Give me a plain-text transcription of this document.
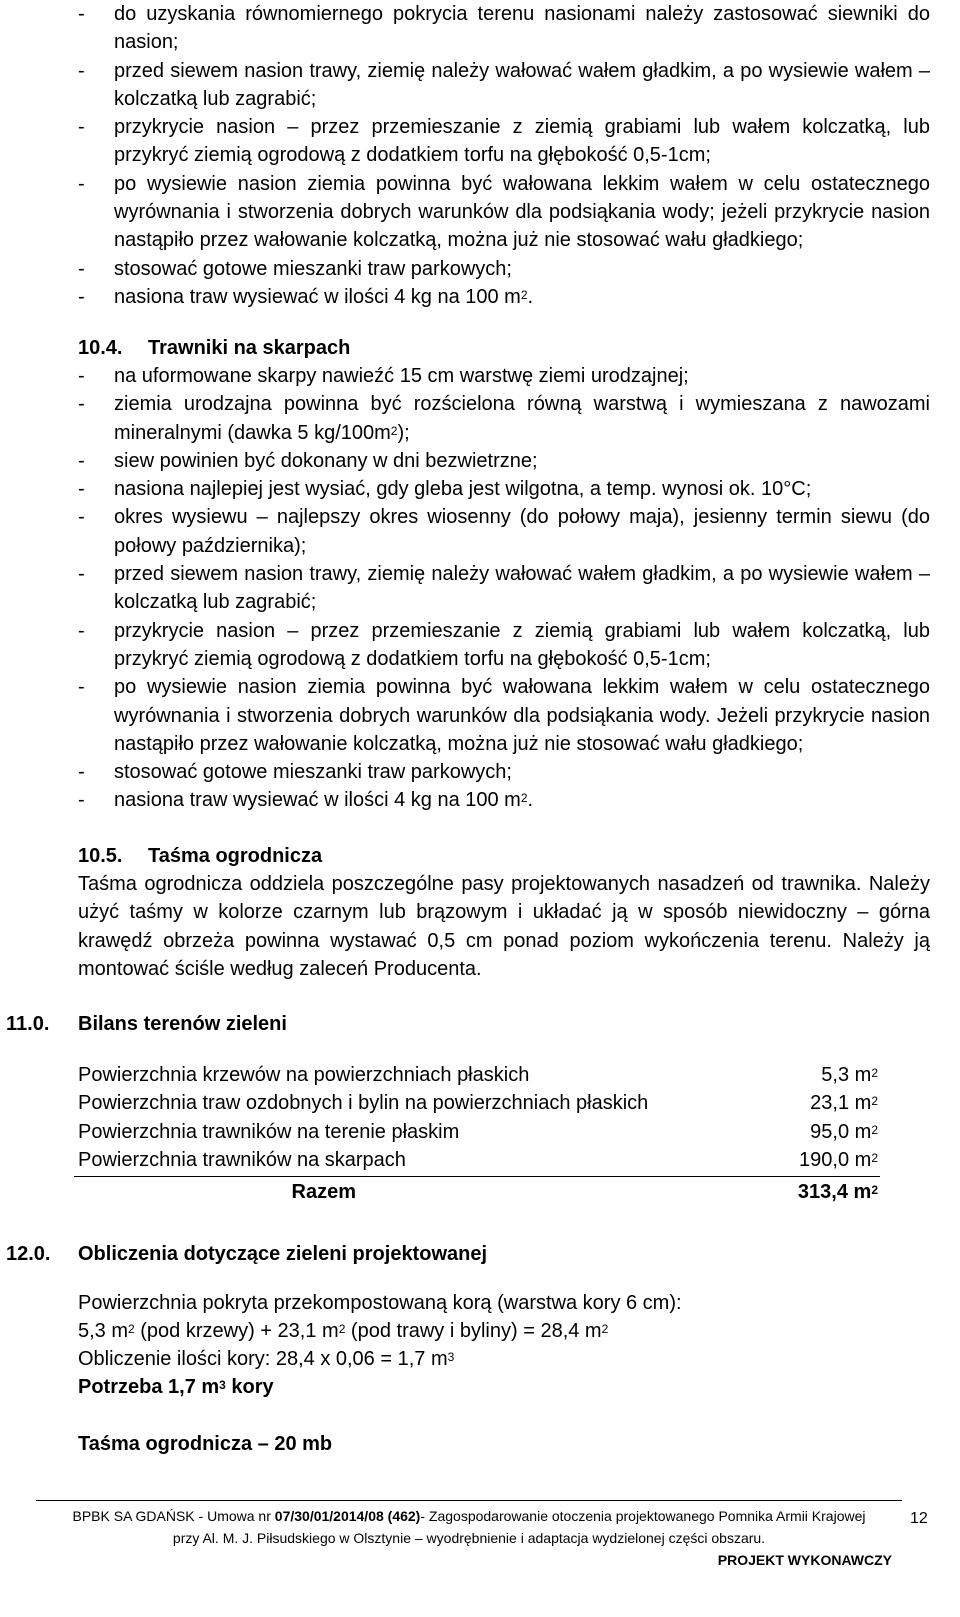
- do uzyskania równomiernego pokrycia terenu nasionami należy zastosować siewniki do nasion;
- przed siewem nasion trawy, ziemię należy wałować wałem gładkim, a po wysiewie wałem – kolczatką lub zagrabić;
- przykrycie nasion – przez przemieszanie z ziemią grabiami lub wałem kolczatką, lub przykryć ziemią ogrodową z dodatkiem torfu na głębokość 0,5-1cm;
- po wysiewie nasion ziemia powinna być wałowana lekkim wałem w celu ostatecznego wyrównania i stworzenia dobrych warunków dla podsiąkania wody; jeżeli przykrycie nasion nastąpiło przez wałowanie kolczatką, można już nie stosować wału gładkiego;
- stosować gotowe mieszanki traw parkowych;
- nasiona traw wysiewać w ilości 4 kg na 100 $m^2$.
10.4. Trawniki na skarpach
- na uformowane skarpy nawieźć 15 cm warstwę ziemi urodzajnej;
- ziemia urodzajna powinna być rozścielona równą warstwą i wymieszana z nawozami mineralnymi (dawka 5 $kg/100m^2$);
- siew powinien być dokonany w dni bezwietrzne;
- nasiona najlepiej jest wysiać, gdy gleba jest wilgotna, a temp. wynosi ok. 10°C;
- okres wysiewu – najlepszy okres wiosenny (do połowy maja), jesienny termin siewu (do połowy października);
- przed siewem nasion trawy, ziemię należy wałować wałem gładkim, a po wysiewie wałem – kolczatką lub zagrabić;
- przykrycie nasion – przez przemieszanie z ziemią grabiami lub wałem kolczatką, lub przykryć ziemią ogrodową z dodatkiem torfu na głębokość 0,5-1cm;
- po wysiewie nasion ziemia powinna być wałowana lekkim wałem w celu ostatecznego wyrównania i stworzenia dobrych warunków dla podsiąkania wody. Jeżeli przykrycie nasion nastąpiło przez wałowanie kolczatką, można już nie stosować wału gładkiego;
- stosować gotowe mieszanki traw parkowych;
- nasiona traw wysiewać w ilości 4 kg na 100 $m^2$.
10.5. Taśma ogrodnicza
Taśma ogrodnicza oddziela poszczególne pasy projektowanych nasadzeń od trawnika. Należy użyć taśmy w kolorze czarnym lub brązowym i układać ją w sposób niewidoczny – górna krawędź obrzeża powinna wystawać 0,5 cm ponad poziom wykończenia terenu. Należy ją montować ściśle według zaleceń Producenta.
11.0. Bilans terenów zieleni
Powierzchnia krzewów na powierzchniach płaskich	5,3 $m^2$
Powierzchnia traw ozdobnych i bylin na powierzchniach płaskich	23,1 $m^2$
Powierzchnia trawników na terenie płaskim	95,0 $m^2$
Powierzchnia trawników na skarpach	190,0 $m^2$
Razem	313,4 $m^2$
12.0. Obliczenia dotyczące zieleni projektowanej
Powierzchnia pokryta przekompostowaną korą (warstwa kory 6 cm):
5,3 $m^2$ (pod krzewy) + 23,1 $m^2$ (pod trawy i byliny) = 28,4 $m^2$
Obliczenie ilości kory: 28,4 x 0,06 = 1,7 $m^3$
Potrzeba 1,7 $m^3$ kory
Taśma ogrodnicza – 20 mb
BPBK SA GDAŃSK - Umowa nr 07/30/01/2014/08 (462)- Zagospodarowanie otoczenia projektowanego Pomnika Armii Krajowej
przy Al. M. J. Piłsudskiego w Olsztynie – wyodrębnienie i adaptacja wydzielonej części obszaru.
PROJEKT WYKONAWCZY
12
